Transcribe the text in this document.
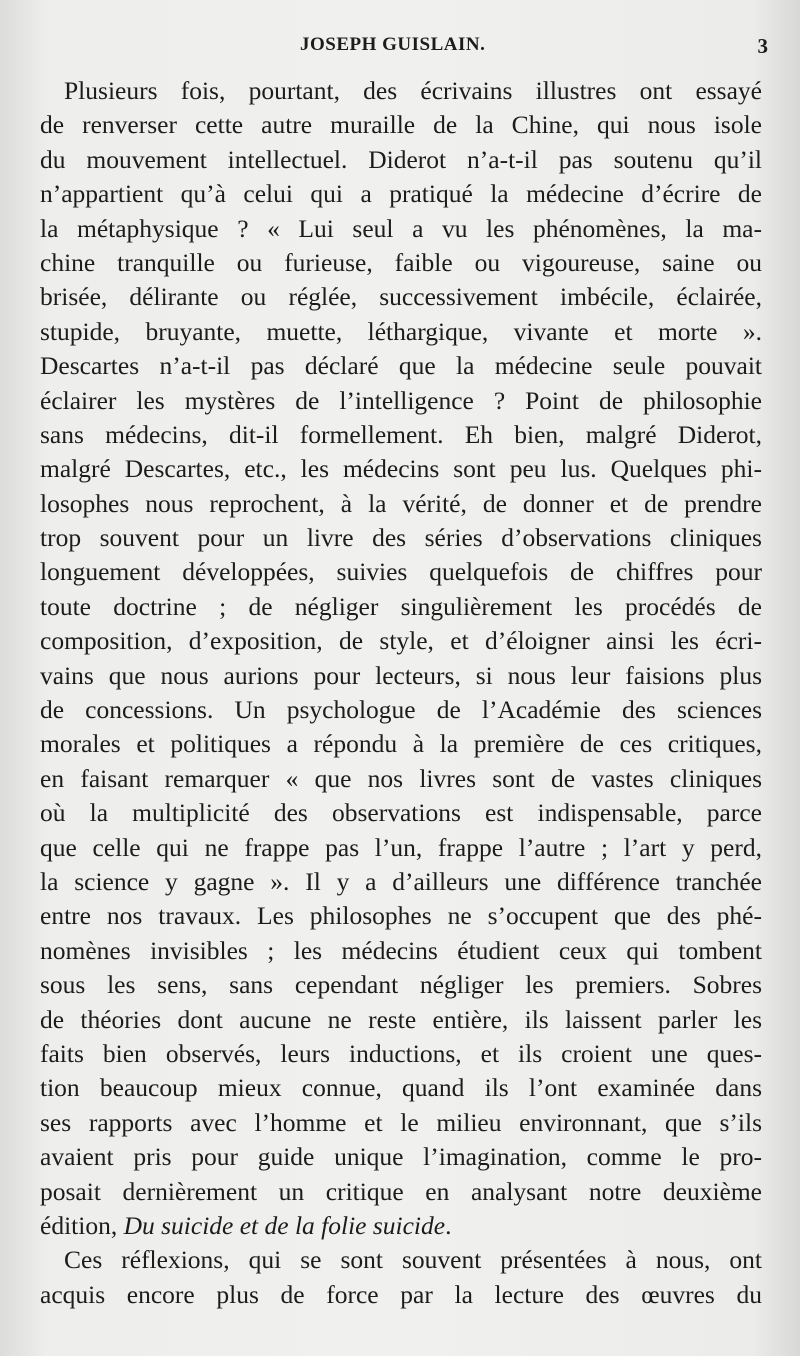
JOSEPH GUISLAIN.	3
Plusieurs fois, pourtant, des écrivains illustres ont essayé
de renverser cette autre muraille de la Chine, qui nous isole
du mouvement intellectuel. Diderot n’a-t-il pas soutenu qu’il
n’appartient qu’à celui qui a pratiqué la médecine d’écrire de
la métaphysique ? « Lui seul a vu les phénomènes, la ma-
chine tranquille ou furieuse, faible ou vigoureuse, saine ou
brisée, délirante ou réglée, successivement imbécile, éclairée,
stupide, bruyante, muette, léthargique, vivante et morte ».
Descartes n’a-t-il pas déclaré que la médecine seule pouvait
éclairer les mystères de l’intelligence ? Point de philosophie
sans médecins, dit-il formellement. Eh bien, malgré Diderot,
malgré Descartes, etc., les médecins sont peu lus. Quelques phi-
losophes nous reprochent, à la vérité, de donner et de prendre
trop souvent pour un livre des séries d’observations cliniques
longuement développées, suivies quelquefois de chiffres pour
toute doctrine ; de négliger singulièrement les procédés de
composition, d’exposition, de style, et d’éloigner ainsi les écri-
vains que nous aurions pour lecteurs, si nous leur faisions plus
de concessions. Un psychologue de l’Académie des sciences
morales et politiques a répondu à la première de ces critiques,
en faisant remarquer « que nos livres sont de vastes cliniques
où la multiplicité des observations est indispensable, parce
que celle qui ne frappe pas l’un, frappe l’autre ; l’art y perd,
la science y gagne ». Il y a d’ailleurs une différence tranchée
entre nos travaux. Les philosophes ne s’occupent que des phé-
nomènes invisibles ; les médecins étudient ceux qui tombent
sous les sens, sans cependant négliger les premiers. Sobres
de théories dont aucune ne reste entière, ils laissent parler les
faits bien observés, leurs inductions, et ils croient une ques-
tion beaucoup mieux connue, quand ils l’ont examinée dans
ses rapports avec l’homme et le milieu environnant, que s’ils
avaient pris pour guide unique l’imagination, comme le pro-
posait dernièrement un critique en analysant notre deuxième
édition, Du suicide et de la folie suicide.
Ces réflexions, qui se sont souvent présentées à nous, ont
acquis encore plus de force par la lecture des œuvres du
